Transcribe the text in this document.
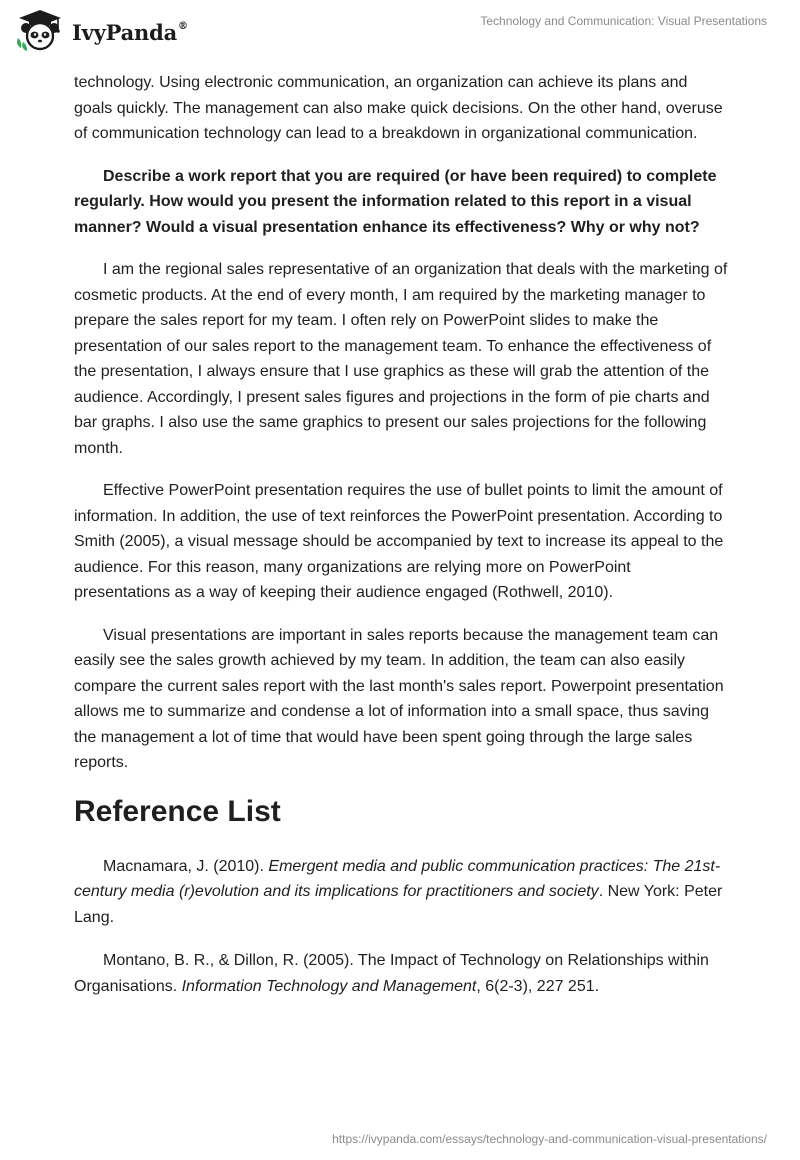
IvyPanda®	Technology and Communication: Visual Presentations

technology. Using electronic communication, an organization can achieve its plans and goals quickly. The management can also make quick decisions. On the other hand, overuse of communication technology can lead to a breakdown in organizational communication.

Describe a work report that you are required (or have been required) to complete regularly. How would you present the information related to this report in a visual manner? Would a visual presentation enhance its effectiveness? Why or why not?

I am the regional sales representative of an organization that deals with the marketing of cosmetic products. At the end of every month, I am required by the marketing manager to prepare the sales report for my team. I often rely on PowerPoint slides to make the presentation of our sales report to the management team. To enhance the effectiveness of the presentation, I always ensure that I use graphics as these will grab the attention of the audience. Accordingly, I present sales figures and projections in the form of pie charts and bar graphs. I also use the same graphics to present our sales projections for the following month.

Effective PowerPoint presentation requires the use of bullet points to limit the amount of information. In addition, the use of text reinforces the PowerPoint presentation. According to Smith (2005), a visual message should be accompanied by text to increase its appeal to the audience. For this reason, many organizations are relying more on PowerPoint presentations as a way of keeping their audience engaged (Rothwell, 2010).

Visual presentations are important in sales reports because the management team can easily see the sales growth achieved by my team. In addition, the team can also easily compare the current sales report with the last month's sales report. Powerpoint presentation allows me to summarize and condense a lot of information into a small space, thus saving the management a lot of time that would have been spent going through the large sales reports.

Reference List

Macnamara, J. (2010). Emergent media and public communication practices: The 21st-century media (r)evolution and its implications for practitioners and society. New York: Peter Lang.

Montano, B. R., & Dillon, R. (2005). The Impact of Technology on Relationships within Organisations. Information Technology and Management, 6(2-3), 227 251.

https://ivypanda.com/essays/technology-and-communication-visual-presentations/
